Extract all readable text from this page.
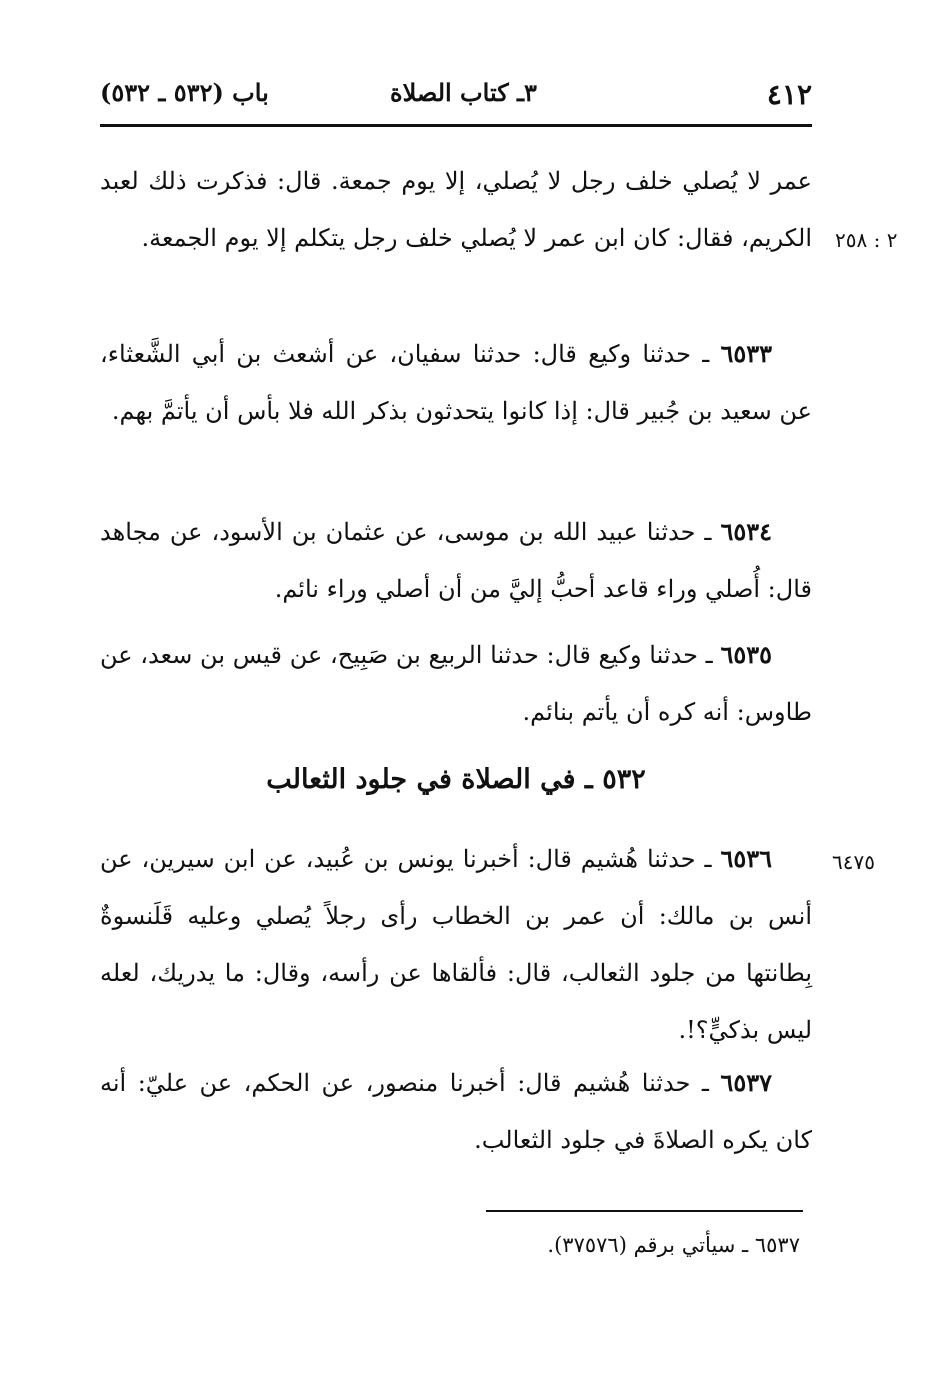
٤١٢
٣ـ كتاب الصلاة
باب (٥٣٢ ـ ٥٣٢)
٢ : ٢٥٨
عمر لا يُصلي خلف رجل لا يُصلي، إلا يوم جمعة. قال: فذكرت ذلك لعبد الكريم، فقال: كان ابن عمر لا يُصلي خلف رجل يتكلم إلا يوم الجمعة.
٦٥٣٣ ـ حدثنا وكيع قال: حدثنا سفيان، عن أشعث بن أبي الشَّعثاء، عن سعيد بن جُبير قال: إذا كانوا يتحدثون بذكر الله فلا بأس أن يأتمَّ بهم.
٦٥٣٤ ـ حدثنا عبيد الله بن موسى، عن عثمان بن الأسود، عن مجاهد قال: أُصلي وراء قاعد أحبُّ إليَّ من أن أصلي وراء نائم.
٦٥٣٥ ـ حدثنا وكيع قال: حدثنا الربيع بن صَبِيح، عن قيس بن سعد، عن طاوس: أنه كره أن يأتم بنائم.
٥٣٢ ـ في الصلاة في جلود الثعالب
٦٤٧٥
٦٥٣٦ ـ حدثنا هُشيم قال: أخبرنا يونس بن عُبيد، عن ابن سيرين، عن أنس بن مالك: أن عمر بن الخطاب رأى رجلاً يُصلي وعليه قَلَنسوةٌ بِطانتها من جلود الثعالب، قال: فألقاها عن رأسه، وقال: ما يدريك، لعله ليس بذكيٍّ؟!.
٦٥٣٧ ـ حدثنا هُشيم قال: أخبرنا منصور، عن الحكم، عن عليّ: أنه كان يكره الصلاةَ في جلود الثعالب.
٦٥٣٧ ـ سيأتي برقم (٣٧٥٧٦).
